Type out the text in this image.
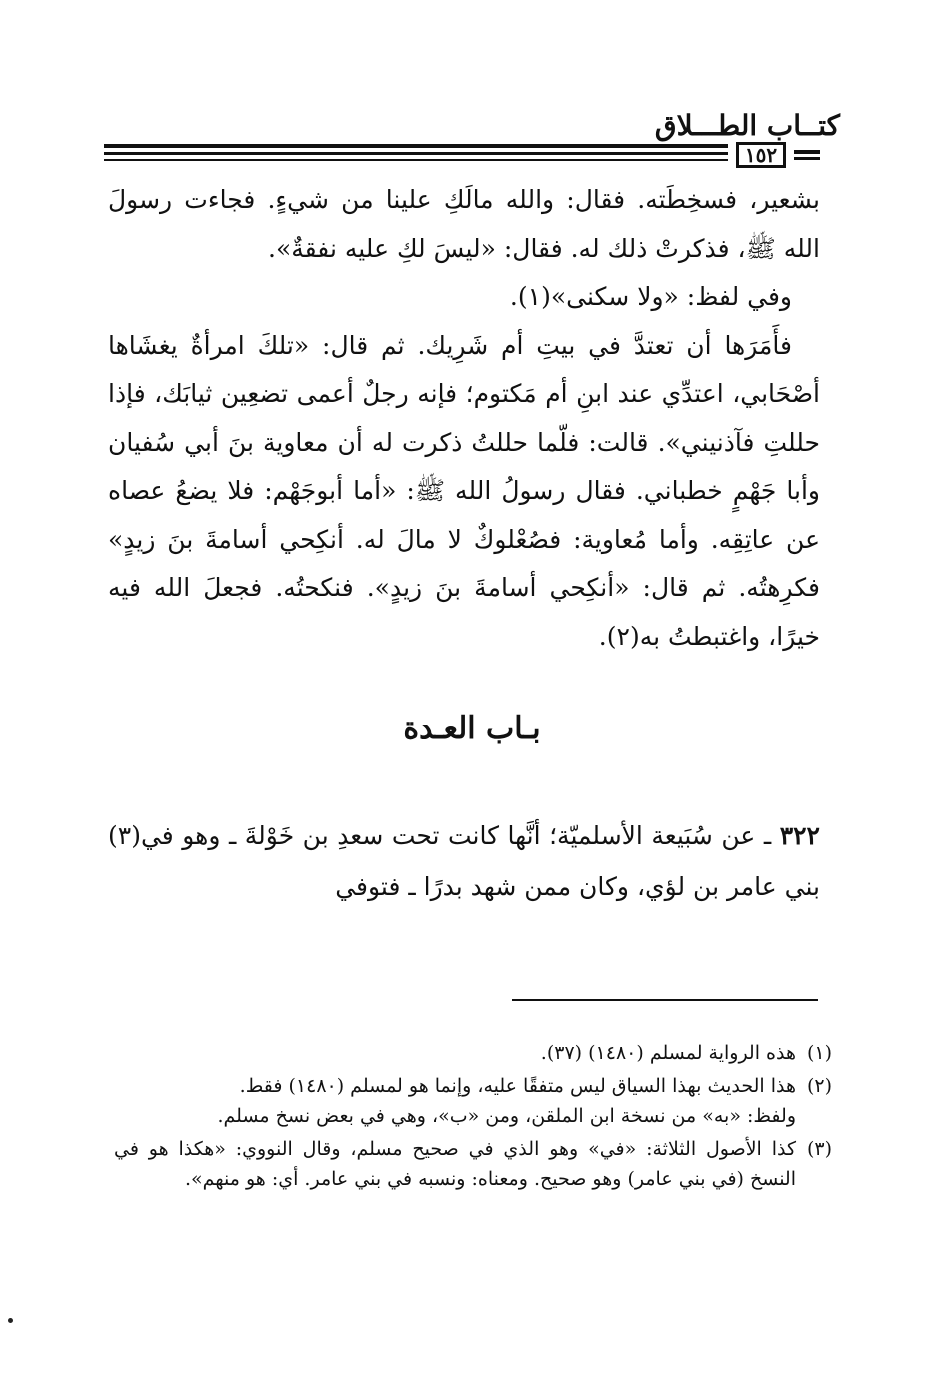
كتــاب الطـــلاق
١٥٢

بشعير، فسخِطَته. فقال: والله مالَكِ علينا من شيءٍ. فجاءت رسولَ الله ﷺ، فذكرتْ ذلك له. فقال: «ليسَ لكِ عليه نفقةٌ».

وفي لفظ: «ولا سكنى»(١).

فأَمَرَها أن تعتدَّ في بيتِ أم شَرِيك. ثم قال: «تلكَ امرأةٌ يغشَاها أصْحَابي، اعتدِّي عند ابنِ أم مَكتوم؛ فإنه رجلٌ أعمى تضعِين ثيابَك، فإذا حللتِ فآذنيني». قالت: فلّما حللتُ ذكرت له أن معاوية بنَ أبي سُفيان وأبا جَهْمٍ خطباني. فقال رسولُ الله ﷺ: «أما أبوجَهْم: فلا يضعُ عصاه عن عاتِقِه. وأما مُعاوية: فصُعْلوكٌ لا مالَ له. أنكِحي أسامةَ بنَ زيدٍ» فكرِهتُه. ثم قال: «أنكِحي أسامةَ بنَ زيدٍ». فنكحتُه. فجعلَ الله فيه خيرًا، واغتبطتُ به(٢).

بـاب العـدة

٣٢٢ ـ عن سُبَيعة الأسلميّة؛ أنَّها كانت تحت سعدِ بن خَوْلةَ ـ وهو في(٣) بني عامر بن لؤي، وكان ممن شهد بدرًا ـ فتوفي

(١)
هذه الرواية لمسلم (١٤٨٠) (٣٧).
(٢)
هذا الحديث بهذا السياق ليس متفقًا عليه، وإنما هو لمسلم (١٤٨٠) فقط.
ولفظ: «به» من نسخة ابن الملقن، ومن «ب»، وهي في بعض نسخ مسلم.
(٣)
كذا الأصول الثلاثة: «في» وهو الذي في صحيح مسلم، وقال النووي: «هكذا هو في النسخ (في بني عامر) وهو صحيح. ومعناه: ونسبه في بني عامر. أي: هو منهم».
